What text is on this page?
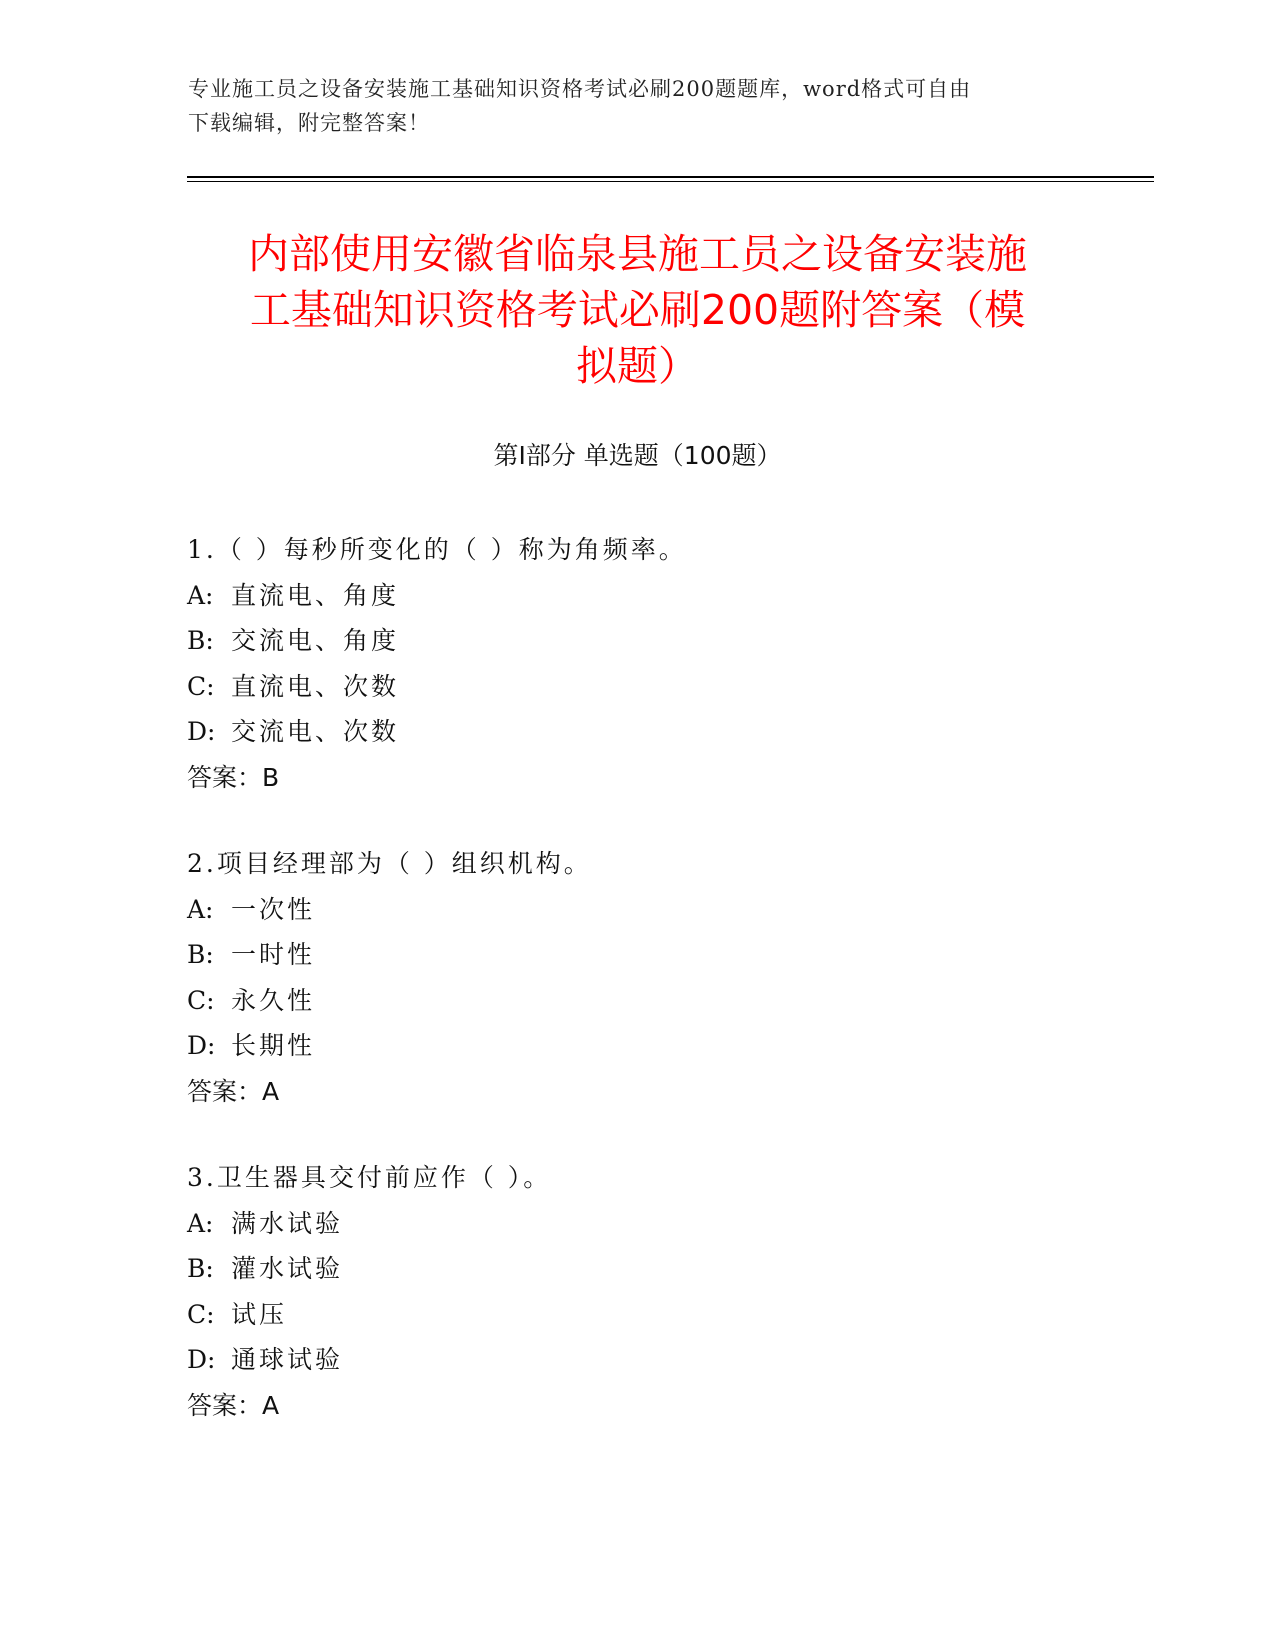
专业施工员之设备安装施工基础知识资格考试必刷200题题库，word格式可自由
下载编辑，附完整答案！
内部使用安徽省临泉县施工员之设备安装施
工基础知识资格考试必刷200题附答案（模
拟题）
第Ⅰ部分 单选题（100题）
1.（ ）每秒所变化的（ ）称为角频率。
A: 直流电、角度
B: 交流电、角度
C: 直流电、次数
D: 交流电、次数
答案：B
2.项目经理部为（ ）组织机构。
A: 一次性
B: 一时性
C: 永久性
D: 长期性
答案：A
3.卫生器具交付前应作（ ）。
A: 满水试验
B: 灌水试验
C: 试压
D: 通球试验
答案：A
